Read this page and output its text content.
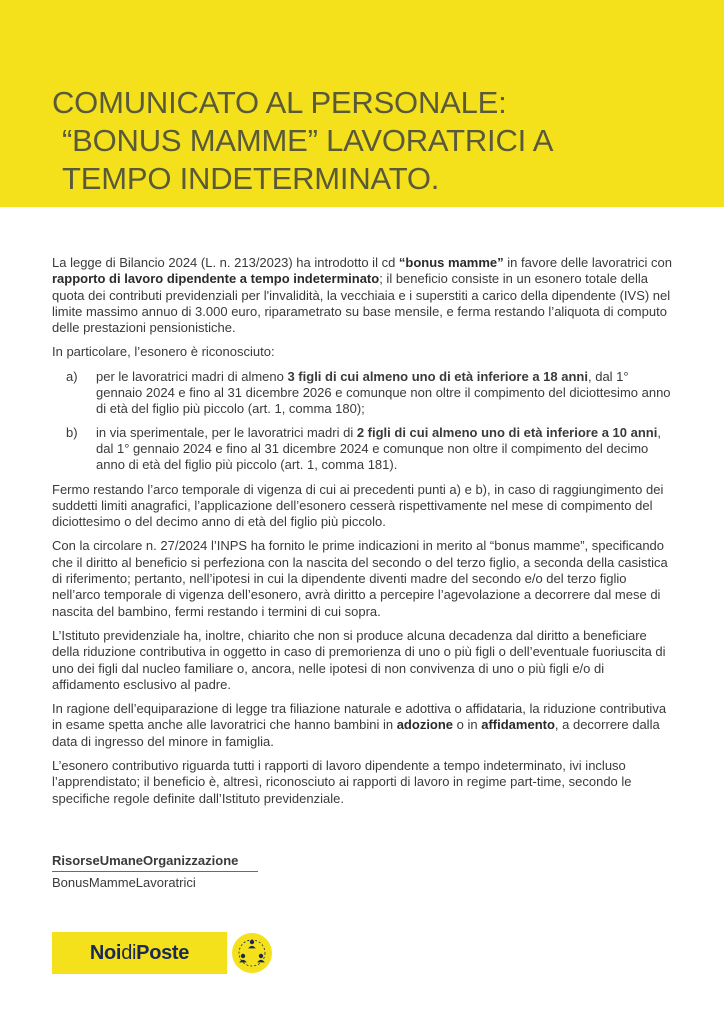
COMUNICATO AL PERSONALE:
“BONUS MAMME” LAVORATRICI A
TEMPO INDETERMINATO.

La legge di Bilancio 2024 (L. n. 213/2023) ha introdotto il cd “bonus mamme” in favore delle lavoratrici con rapporto di lavoro dipendente a tempo indeterminato; il beneficio consiste in un esonero totale della quota dei contributi previdenziali per l'invalidità, la vecchiaia e i superstiti a carico della dipendente (IVS) nel limite massimo annuo di 3.000 euro, riparametrato su base mensile, e ferma restando l’aliquota di computo delle prestazioni pensionistiche.

In particolare, l’esonero è riconosciuto:

a) per le lavoratrici madri di almeno 3 figli di cui almeno uno di età inferiore a 18 anni, dal 1° gennaio 2024 e fino al 31 dicembre 2026 e comunque non oltre il compimento del diciottesimo anno di età del figlio più piccolo (art. 1, comma 180);
b) in via sperimentale, per le lavoratrici madri di 2 figli di cui almeno uno di età inferiore a 10 anni, dal 1° gennaio 2024 e fino al 31 dicembre 2024 e comunque non oltre il compimento del decimo anno di età del figlio più piccolo (art. 1, comma 181).

Fermo restando l’arco temporale di vigenza di cui ai precedenti punti a) e b), in caso di raggiungimento dei suddetti limiti anagrafici, l’applicazione dell’esonero cesserà rispettivamente nel mese di compimento del diciottesimo o del decimo anno di età del figlio più piccolo.

Con la circolare n. 27/2024 l’INPS ha fornito le prime indicazioni in merito al “bonus mamme”, specificando che il diritto al beneficio si perfeziona con la nascita del secondo o del terzo figlio, a seconda della casistica di riferimento; pertanto, nell’ipotesi in cui la dipendente diventi madre del secondo e/o del terzo figlio nell’arco temporale di vigenza dell’esonero, avrà diritto a percepire l’agevolazione a decorrere dal mese di nascita del bambino, fermi restando i termini di cui sopra.

L’Istituto previdenziale ha, inoltre, chiarito che non si produce alcuna decadenza dal diritto a beneficiare della riduzione contributiva in oggetto in caso di premorienza di uno o più figli o dell’eventuale fuoriuscita di uno dei figli dal nucleo familiare o, ancora, nelle ipotesi di non convivenza di uno o più figli e/o di affidamento esclusivo al padre.

In ragione dell’equiparazione di legge tra filiazione naturale e adottiva o affidataria, la riduzione contributiva in esame spetta anche alle lavoratrici che hanno bambini in adozione o in affidamento, a decorrere dalla data di ingresso del minore in famiglia.

L’esonero contributivo riguarda tutti i rapporti di lavoro dipendente a tempo indeterminato, ivi incluso l’apprendistato; il beneficio è, altresì, riconosciuto ai rapporti di lavoro in regime part-time, secondo le specifiche regole definite dall’Istituto previdenziale.

RisorseUmaneOrganizzazione
BonusMammeLavoratrici
NoidiPoste
